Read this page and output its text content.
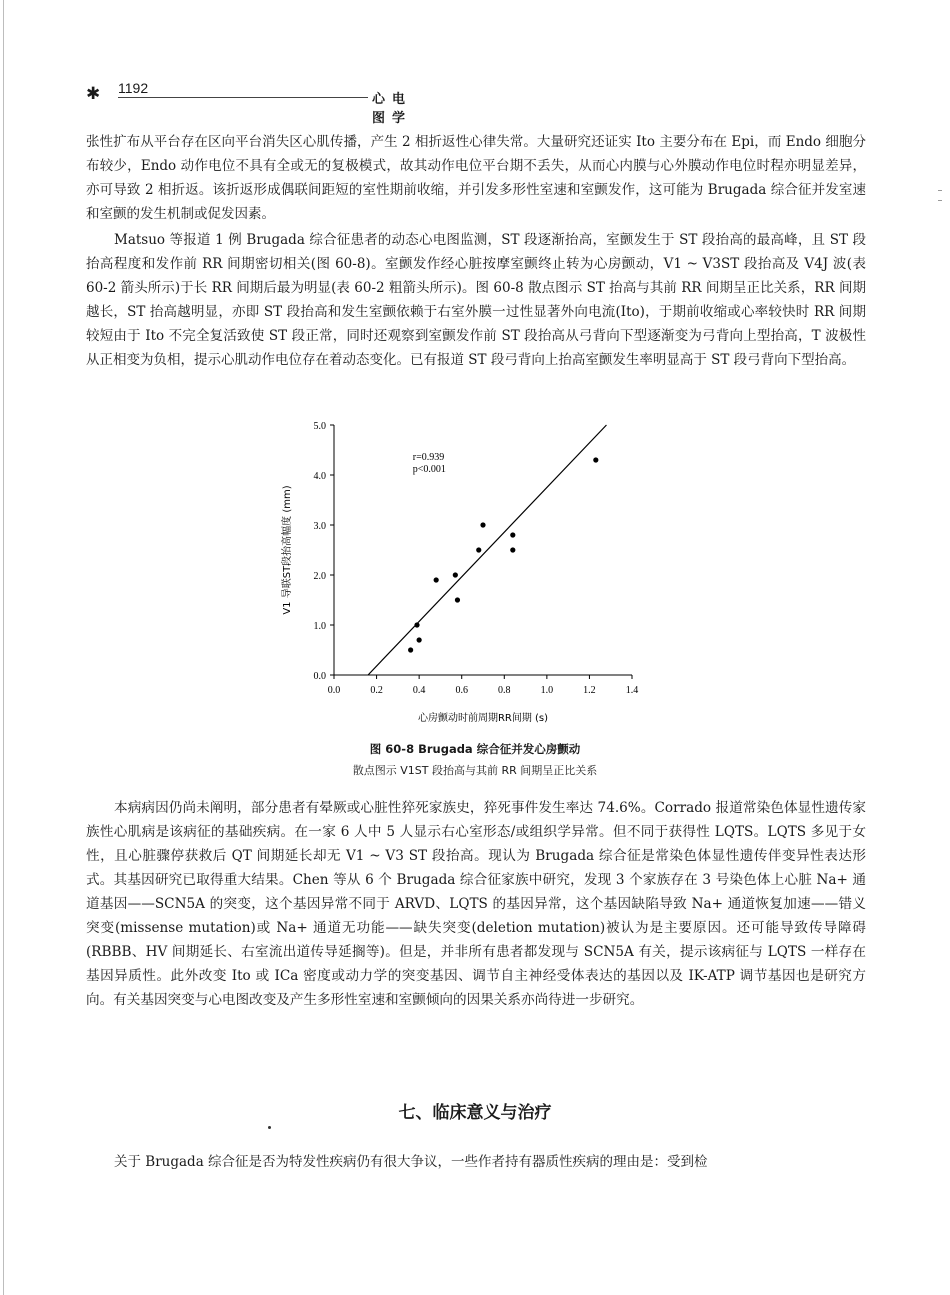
✱ 1192
心电图学

张性扩布从平台存在区向平台消失区心肌传播，产生 2 相折返性心律失常。大量研究还证实 Ito 主要分布在 Epi，而 Endo 细胞分布较少，Endo 动作电位不具有全或无的复极模式，故其动作电位平台期不丢失，从而心内膜与心外膜动作电位时程亦明显差异，亦可导致 2 相折返。该折返形成偶联间距短的室性期前收缩，并引发多形性室速和室颤发作，这可能为 Brugada 综合征并发室速和室颤的发生机制或促发因素。

Matsuo 等报道 1 例 Brugada 综合征患者的动态心电图监测，ST 段逐渐抬高，室颤发生于 ST 段抬高的最高峰，且 ST 段抬高程度和发作前 RR 间期密切相关(图 60-8)。室颤发作经心脏按摩室颤终止转为心房颤动，V1 ~ V3ST 段抬高及 V4J 波(表 60-2 箭头所示)于长 RR 间期后最为明显(表 60-2 粗箭头所示)。图 60-8 散点图示 ST 抬高与其前 RR 间期呈正比关系，RR 间期越长，ST 抬高越明显，亦即 ST 段抬高和发生室颤依赖于右室外膜一过性显著外向电流(Ito)，于期前收缩或心率较快时 RR 间期较短由于 Ito 不完全复活致使 ST 段正常，同时还观察到室颤发作前 ST 段抬高从弓背向下型逐渐变为弓背向上型抬高，T 波极性从正相变为负相，提示心肌动作电位存在着动态变化。已有报道 ST 段弓背向上抬高室颤发生率明显高于 ST 段弓背向下型抬高。

0.0
1.0
2.0
3.0
4.0
5.0
0.0	0.2	0.4	0.6	0.8	1.0	1.2	1.4
r=0.939
p<0.001
心房颤动时前周期RR间期 (s)
V1 导联ST段抬高幅度 (mm)

图 60-8 Brugada 综合征并发心房颤动

散点图示 V1ST 段抬高与其前 RR 间期呈正比关系

本病病因仍尚未阐明，部分患者有晕厥或心脏性猝死家族史，猝死事件发生率达 74.6%。Corrado 报道常染色体显性遗传家族性心肌病是该病征的基础疾病。在一家 6 人中 5 人显示右心室形态/或组织学异常。但不同于获得性 LQTS。LQTS 多见于女性，且心脏骤停获救后 QT 间期延长却无 V1 ~ V3 ST 段抬高。现认为 Brugada 综合征是常染色体显性遗传伴变异性表达形式。其基因研究已取得重大结果。Chen 等从 6 个 Brugada 综合征家族中研究，发现 3 个家族存在 3 号染色体上心脏 Na+ 通道基因——SCN5A 的突变，这个基因异常不同于 ARVD、LQTS 的基因异常，这个基因缺陷导致 Na+ 通道恢复加速——错义突变(missense mutation)或 Na+ 通道无功能——缺失突变(deletion mutation)被认为是主要原因。还可能导致传导障碍(RBBB、HV 间期延长、右室流出道传导延搁等)。但是，并非所有患者都发现与 SCN5A 有关，提示该病征与 LQTS 一样存在基因异质性。此外改变 Ito 或 ICa 密度或动力学的突变基因、调节自主神经受体表达的基因以及 IK-ATP 调节基因也是研究方向。有关基因突变与心电图改变及产生多形性室速和室颤倾向的因果关系亦尚待进一步研究。

七、临床意义与治疗

关于 Brugada 综合征是否为特发性疾病仍有很大争议，一些作者持有器质性疾病的理由是：受到检
